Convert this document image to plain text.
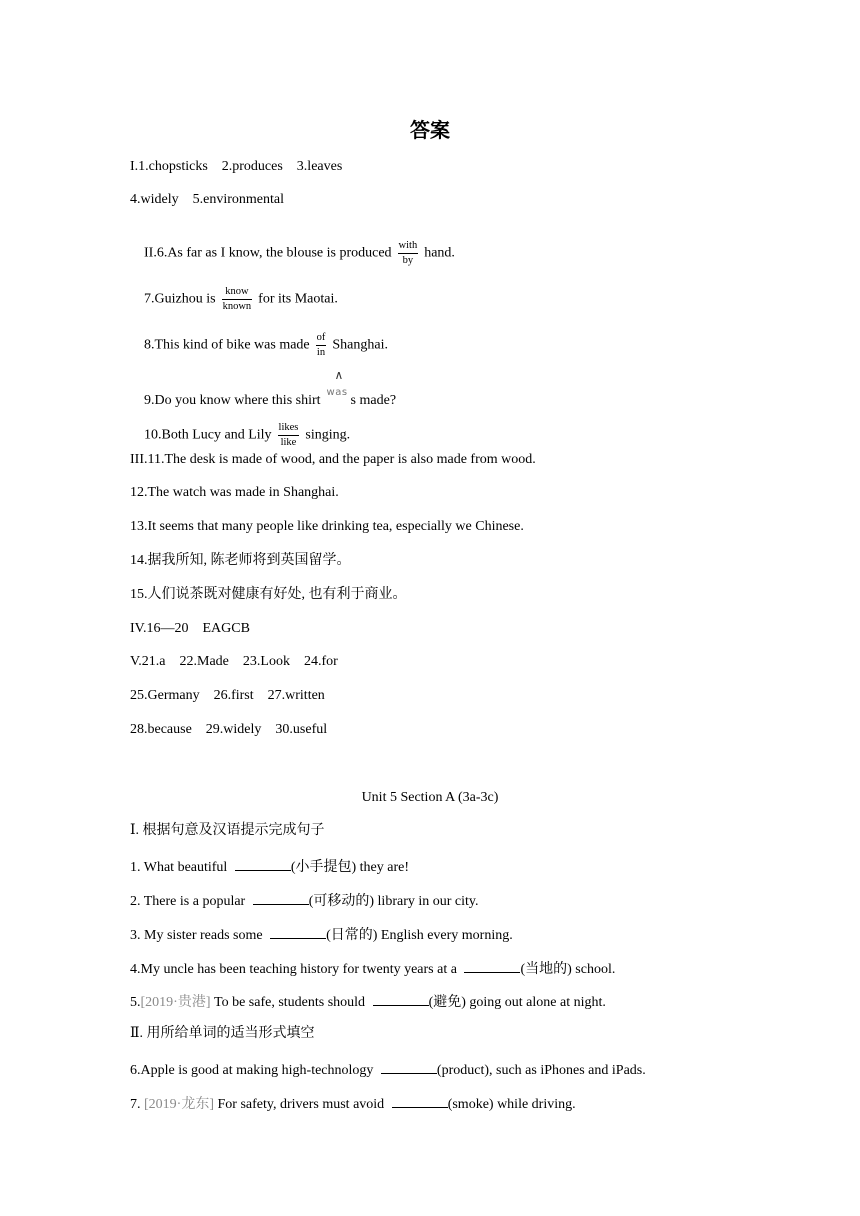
答案
I.1.chopsticks    2.produces    3.leaves
4.widely    5.environmental

II.6.As far as I know, the blouse is produced $\frac{\text{with}}{by}$ hand.

7.Guizhou is $\frac{\text{know}}{\text{known}}$ for its Maotai.

8.This kind of bike was made $\frac{of}{in}$ Shanghai.

9.Do you know where this shirt
∧
was
s made?

10.Both Lucy and Lily $\frac{\text{likes}}{\text{like}}$ singing.

III.11.The desk is made of wood, and the paper is also made from wood.
12.The watch was made in Shanghai.
13.It seems that many people like drinking tea, especially we Chinese.
14.据我所知, 陈老师将到英国留学。
15.人们说茶既对健康有好处, 也有利于商业。
IV.16—20    EAGCB
V.21.a    22.Made    23.Look    24.for
25.Germany    26.first    27.written
28.because    29.widely    30.useful
Unit 5 Section A (3a-3c)
Ⅰ. 根据句意及汉语提示完成句子
1. What beautiful	(小手提包) they are!
2. There is a popular	(可移动的) library in our city.
3. My sister reads some	(日常的) English every morning.
4.My uncle has been teaching history for twenty years at a	(当地的) school.
5.[2019·贵港] To be safe, students should	(避免) going out alone at night.
Ⅱ. 用所给单词的适当形式填空
6.Apple is good at making high-technology	(product), such as iPhones and iPads.
7. [2019·龙东] For safety, drivers must avoid	(smoke) while driving.
